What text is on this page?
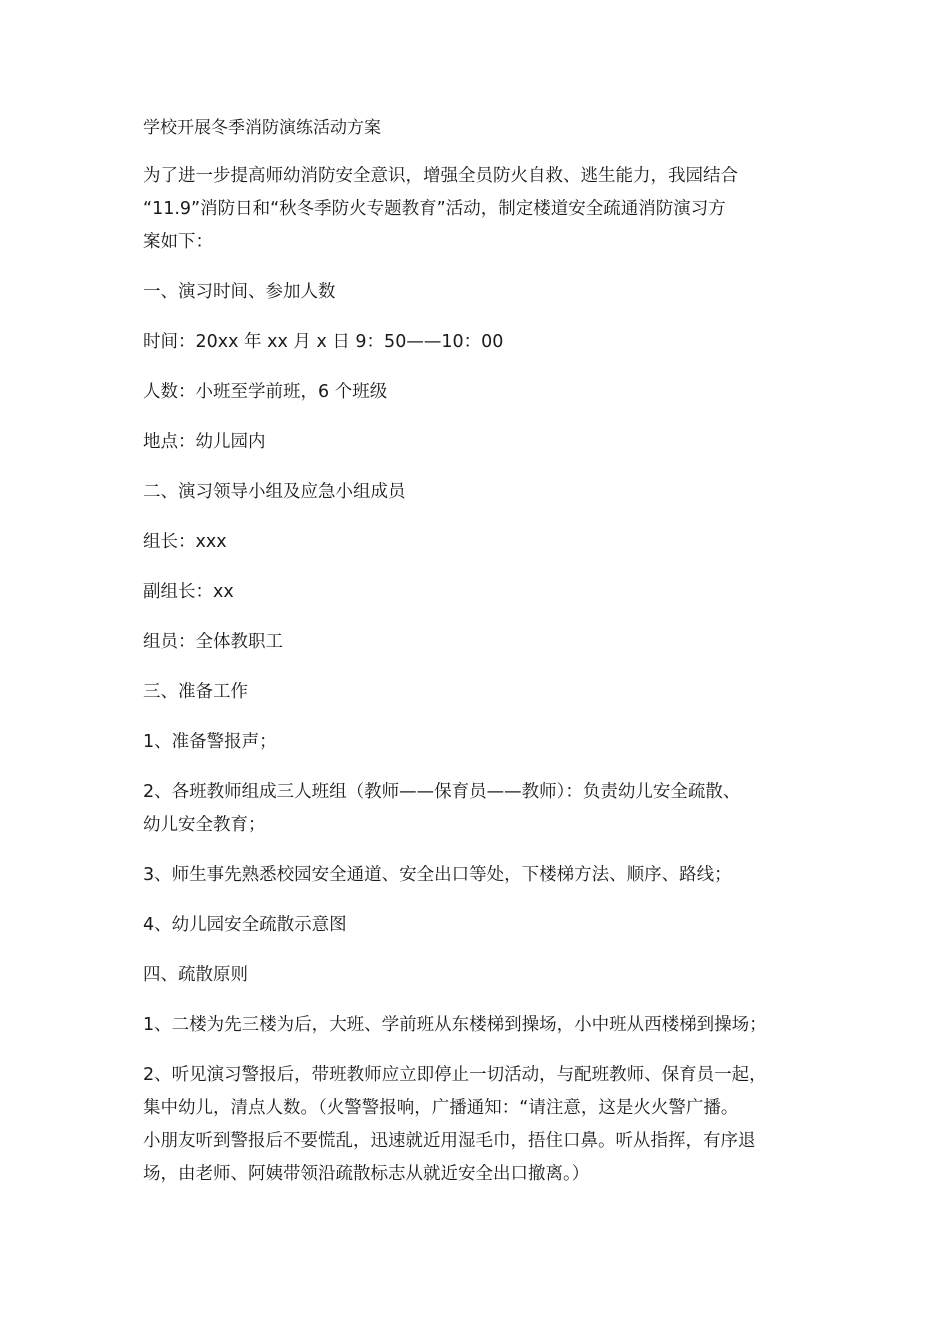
学校开展冬季消防演练活动方案
为了进一步提高师幼消防安全意识，增强全员防火自救、逃生能力，我园结合
“11.9”消防日和“秋冬季防火专题教育”活动，制定楼道安全疏通消防演习方
案如下：
一、演习时间、参加人数
时间：20xx 年 xx 月 x 日 9：50——10：00
人数：小班至学前班，6 个班级
地点：幼儿园内
二、演习领导小组及应急小组成员
组长：xxx
副组长：xx
组员：全体教职工
三、准备工作
1、准备警报声；
2、各班教师组成三人班组（教师——保育员——教师）：负责幼儿安全疏散、
幼儿安全教育；
3、师生事先熟悉校园安全通道、安全出口等处，下楼梯方法、顺序、路线；
4、幼儿园安全疏散示意图
四、疏散原则
1、二楼为先三楼为后，大班、学前班从东楼梯到操场，小中班从西楼梯到操场；
2、听见演习警报后，带班教师应立即停止一切活动，与配班教师、保育员一起，
集中幼儿，清点人数。（火警警报响，广播通知：“请注意，这是火火警广播。
小朋友听到警报后不要慌乱，迅速就近用湿毛巾，捂住口鼻。听从指挥，有序退
场，由老师、阿姨带领沿疏散标志从就近安全出口撤离。）
